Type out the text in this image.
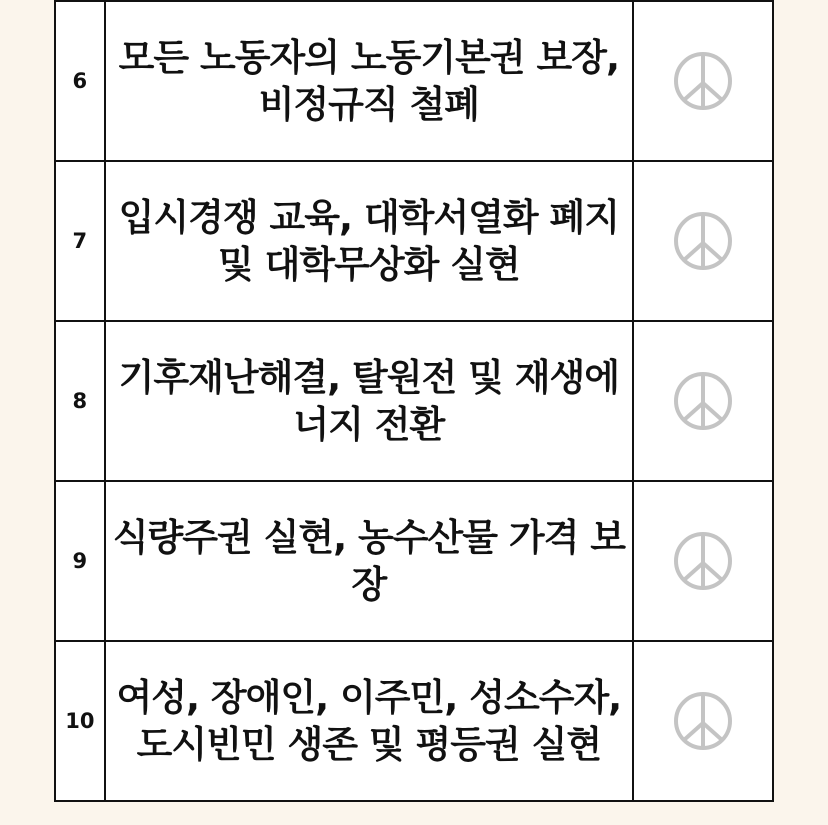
6	모든 노동자의 노동기본권 보장, 비정규직 철폐	

7	입시경쟁 교육, 대학서열화 폐지 및 대학무상화 실현	

8	기후재난해결, 탈원전 및 재생에너지 전환	

9	식량주권 실현, 농수산물 가격 보장	

10	여성, 장애인, 이주민, 성소수자, 도시빈민 생존 및 평등권 실현	
